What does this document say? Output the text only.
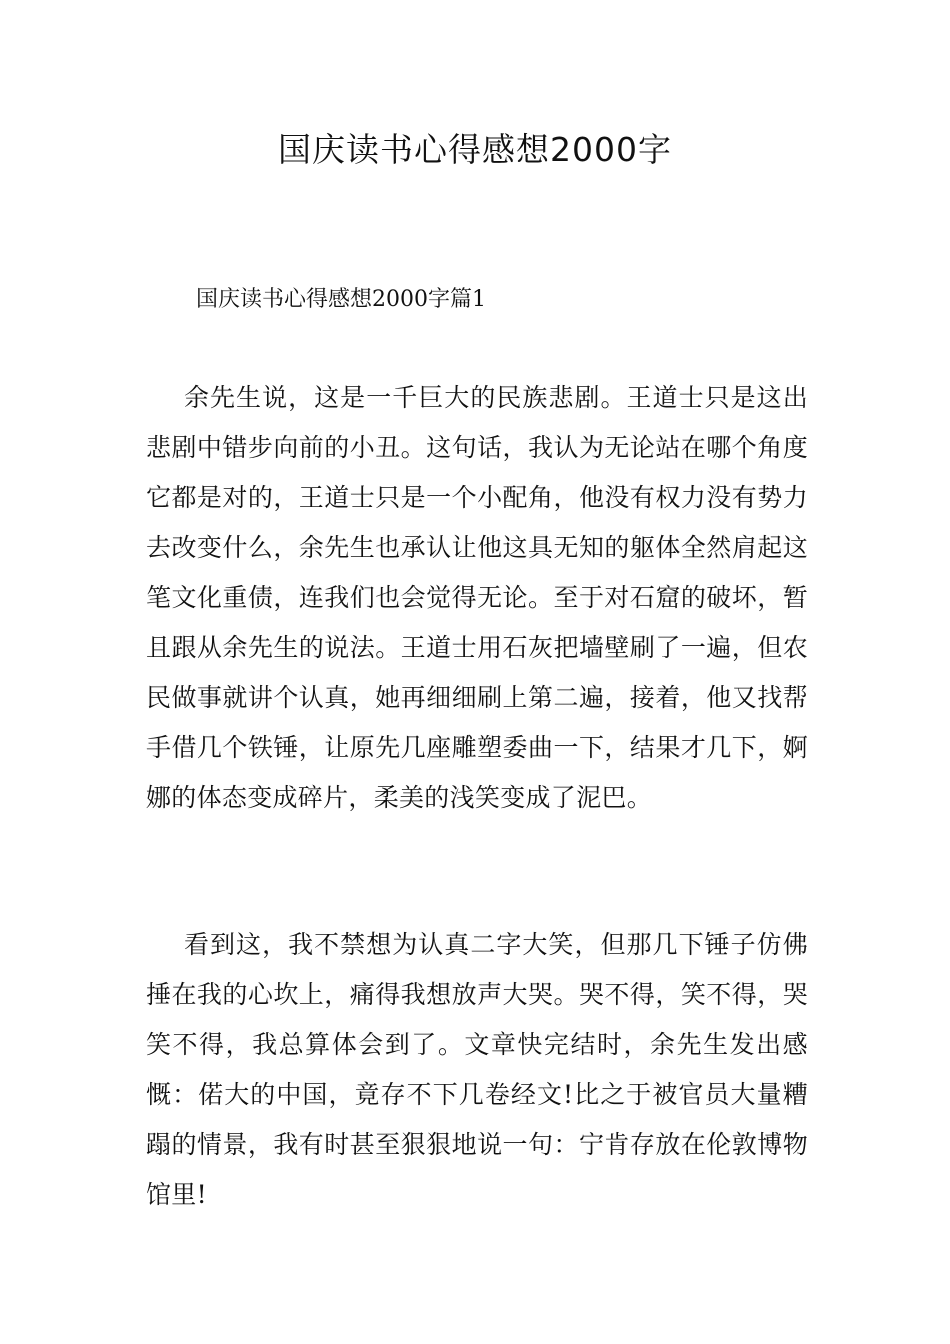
国庆读书心得感想2000字
国庆读书心得感想2000字篇1

余先生说，这是一千巨大的民族悲剧。王道士只是这出悲剧中错步向前的小丑。这句话，我认为无论站在哪个角度它都是对的，王道士只是一个小配角，他没有权力没有势力去改变什么，余先生也承认让他这具无知的躯体全然肩起这笔文化重债，连我们也会觉得无论。至于对石窟的破坏，暂且跟从余先生的说法。王道士用石灰把墙壁刷了一遍，但农民做事就讲个认真，她再细细刷上第二遍，接着，他又找帮手借几个铁锤，让原先几座雕塑委曲一下，结果才几下，婀娜的体态变成碎片，柔美的浅笑变成了泥巴。

看到这，我不禁想为认真二字大笑，但那几下锤子仿佛捶在我的心坎上，痛得我想放声大哭。哭不得，笑不得，哭笑不得，我总算体会到了。文章快完结时，余先生发出感慨：偌大的中国，竟存不下几卷经文!比之于被官员大量糟蹋的情景，我有时甚至狠狠地说一句：宁肯存放在伦敦博物馆里!
